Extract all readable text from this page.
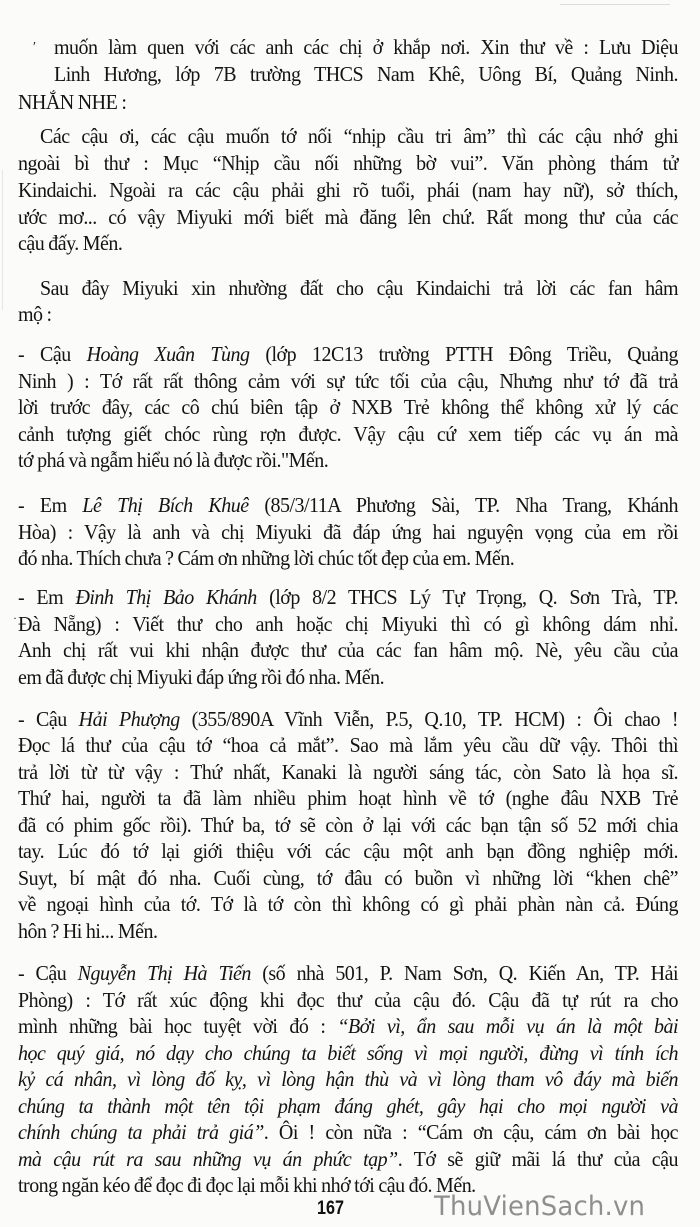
′
·
muốn làm quen với các anh các chị ở khắp nơi. Xin thư về : Lưu Diệu
Linh Hương, lớp 7B trường THCS Nam Khê, Uông Bí, Quảng Ninh.
NHẮN NHE :
Các cậu ơi, các cậu muốn tớ nối “nhịp cầu tri âm” thì các cậu nhớ ghi
ngoài bì thư : Mục “Nhịp cầu nối những bờ vui”. Văn phòng thám tử
Kindaichi. Ngoài ra các cậu phải ghi rõ tuổi, phái (nam hay nữ), sở thích,
ước mơ... có vậy Miyuki mới biết mà đăng lên chứ. Rất mong thư của các
cậu đấy. Mến.
Sau đây Miyuki xin nhường đất cho cậu Kindaichi trả lời các fan hâm
mộ :
- Cậu Hoàng Xuân Tùng (lớp 12C13 trường PTTH Đông Triều, Quảng
Ninh ) : Tớ rất rất thông cảm với sự tức tối của cậu, Nhưng như tớ đã trả
lời trước đây, các cô chú biên tập ở NXB Trẻ không thể không xử lý các
cảnh tượng giết chóc rùng rợn được. Vậy cậu cứ xem tiếp các vụ án mà
tớ phá và ngẫm hiểu nó là được rồi."Mến.
- Em Lê Thị Bích Khuê (85/3/11A Phương Sài, TP. Nha Trang, Khánh
Hòa) : Vậy là anh và chị Miyuki đã đáp ứng hai nguyện vọng của em rồi
đó nha. Thích chưa ? Cám ơn những lời chúc tốt đẹp của em. Mến.
- Em Đinh Thị Bảo Khánh (lớp 8/2 THCS Lý Tự Trọng, Q. Sơn Trà, TP.
Đà Nẵng) : Viết thư cho anh hoặc chị Miyuki thì có gì không dám nhỉ.
Anh chị rất vui khi nhận được thư của các fan hâm mộ. Nè, yêu cầu của
em đã được chị Miyuki đáp ứng rồi đó nha. Mến.
- Cậu Hải Phượng (355/890A Vĩnh Viễn, P.5, Q.10, TP. HCM) : Ôi chao !
Đọc lá thư của cậu tớ “hoa cả mắt”. Sao mà lắm yêu cầu dữ vậy. Thôi thì
trả lời từ từ vậy : Thứ nhất, Kanaki là người sáng tác, còn Sato là họa sĩ.
Thứ hai, người ta đã làm nhiều phim hoạt hình về tớ (nghe đâu NXB Trẻ
đã có phim gốc rồi). Thứ ba, tớ sẽ còn ở lại với các bạn tận số 52 mới chia
tay. Lúc đó tớ lại giới thiệu với các cậu một anh bạn đồng nghiệp mới.
Suyt, bí mật đó nha. Cuối cùng, tớ đâu có buồn vì những lời “khen chê”
về ngoại hình của tớ. Tớ là tớ còn thì không có gì phải phàn nàn cả. Đúng
hôn ? Hi hi... Mến.
- Cậu Nguyễn Thị Hà Tiến (số nhà 501, P. Nam Sơn, Q. Kiến An, TP. Hải
Phòng) : Tớ rất xúc động khi đọc thư của cậu đó. Cậu đã tự rút ra cho
mình những bài học tuyệt vời đó : “Bởi vì, ẩn sau mỗi vụ án là một bài
học quý giá, nó dạy cho chúng ta biết sống vì mọi người, đừng vì tính ích
kỷ cá nhân, vì lòng đố kỵ, vì lòng hận thù và vì lòng tham vô đáy mà biến
chúng ta thành một tên tội phạm đáng ghét, gây hại cho mọi người và
chính chúng ta phải trả giá”. Ôi ! còn nữa : “Cám ơn cậu, cám ơn bài học
mà cậu rút ra sau những vụ án phức tạp”. Tớ sẽ giữ mãi lá thư của cậu
trong ngăn kéo để đọc đi đọc lại mỗi khi nhớ tới cậu đó. Mến.
167	ThuVienSach.vn
